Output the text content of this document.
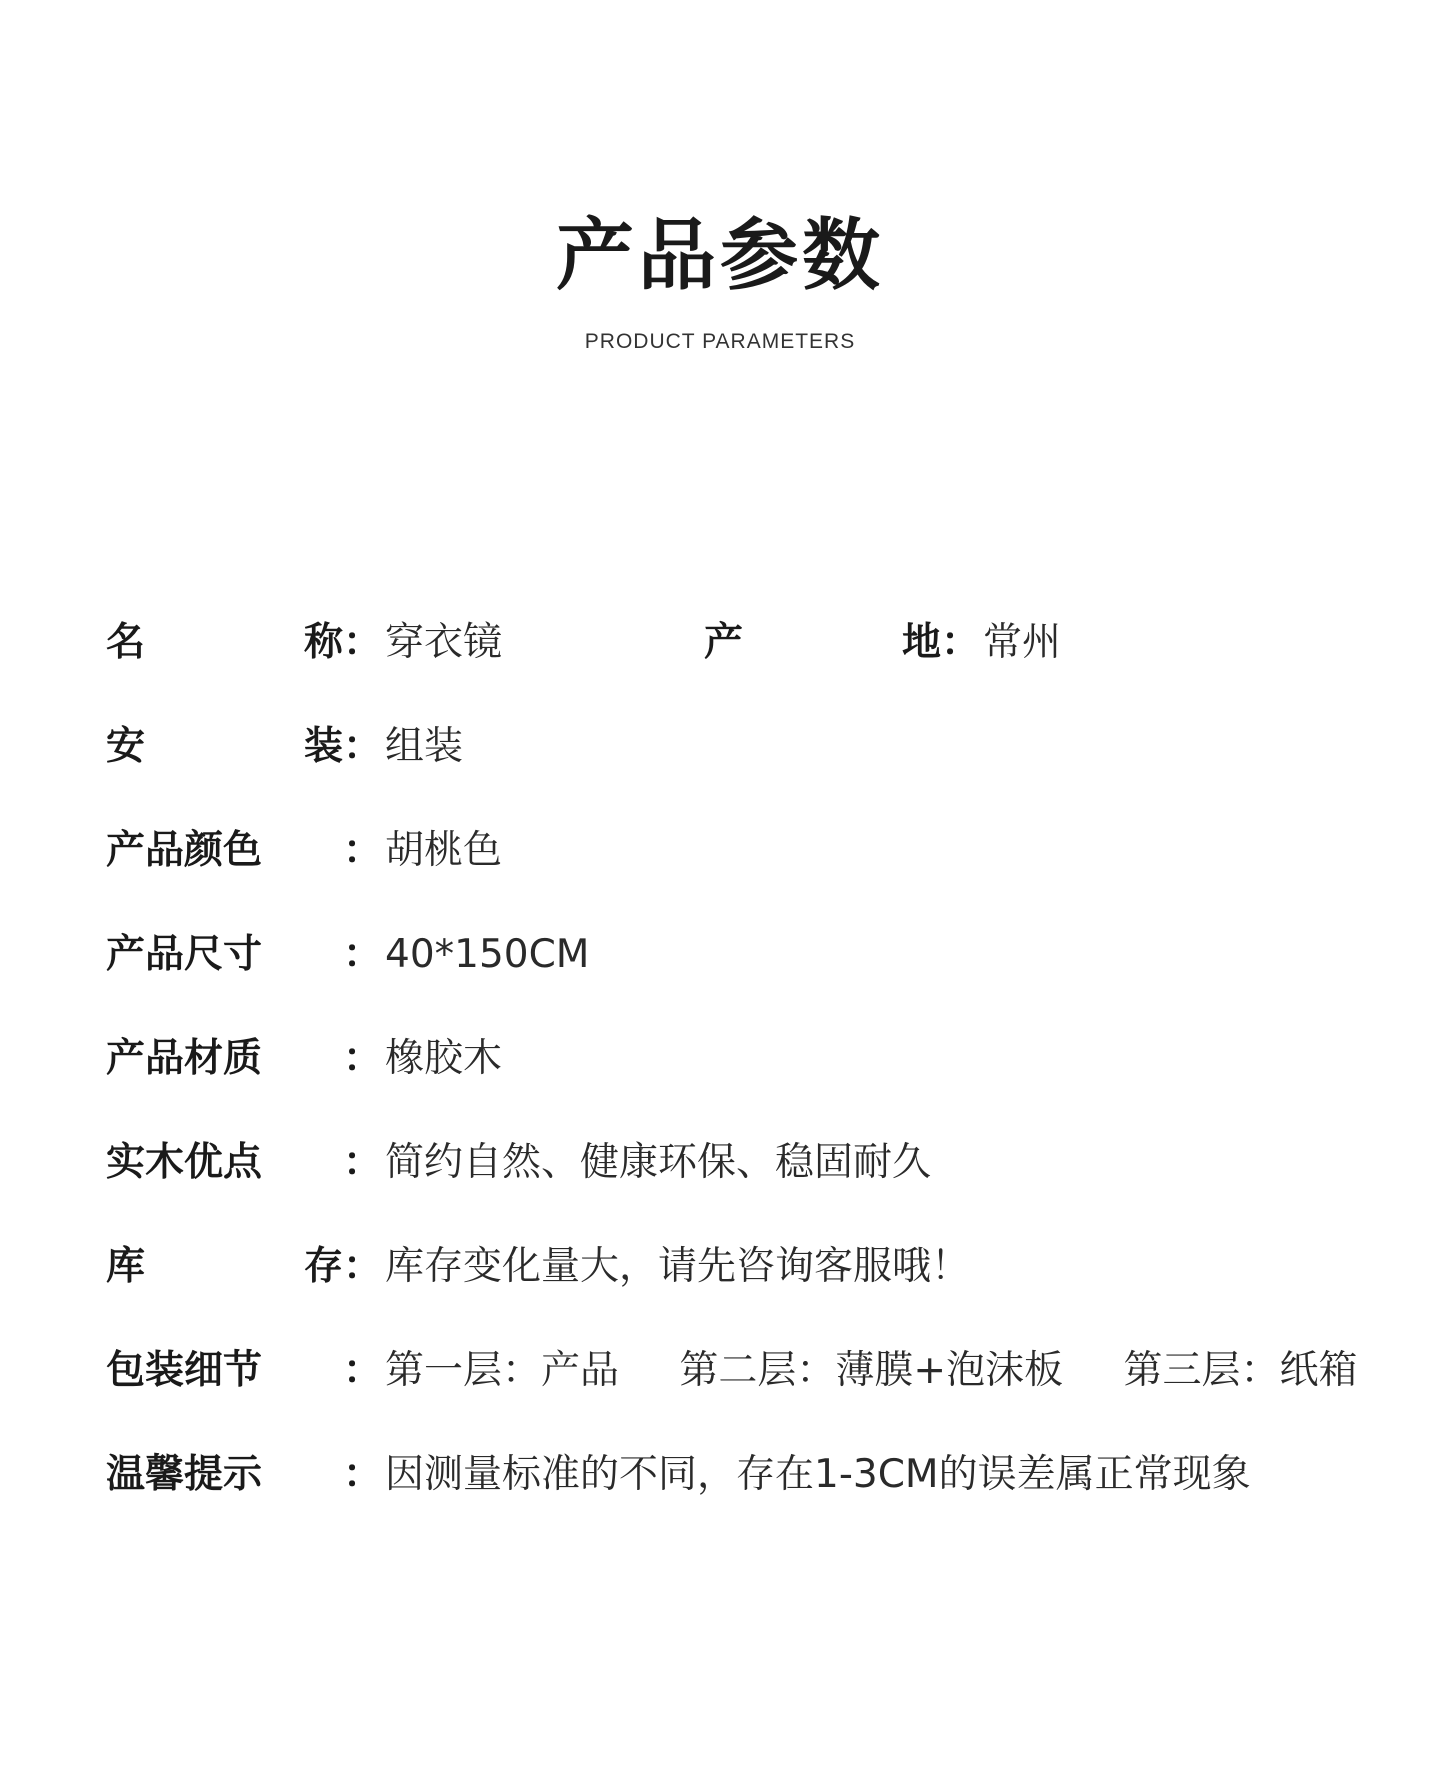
产品参数
PRODUCT PARAMETERS
名	称 ： 穿衣镜	产	地 ： 常州
安	装 ： 组装
产品颜色	： 胡桃色
产品尺寸	： 40*150CM
产品材质	： 橡胶木
实木优点	： 简约自然、健康环保、稳固耐久
库	存 ： 库存变化量大，请先咨询客服哦！
包装细节	： 第一层：产品 第二层：薄膜+泡沫板 第三层：纸箱
温馨提示	： 因测量标准的不同，存在1-3CM的误差属正常现象
